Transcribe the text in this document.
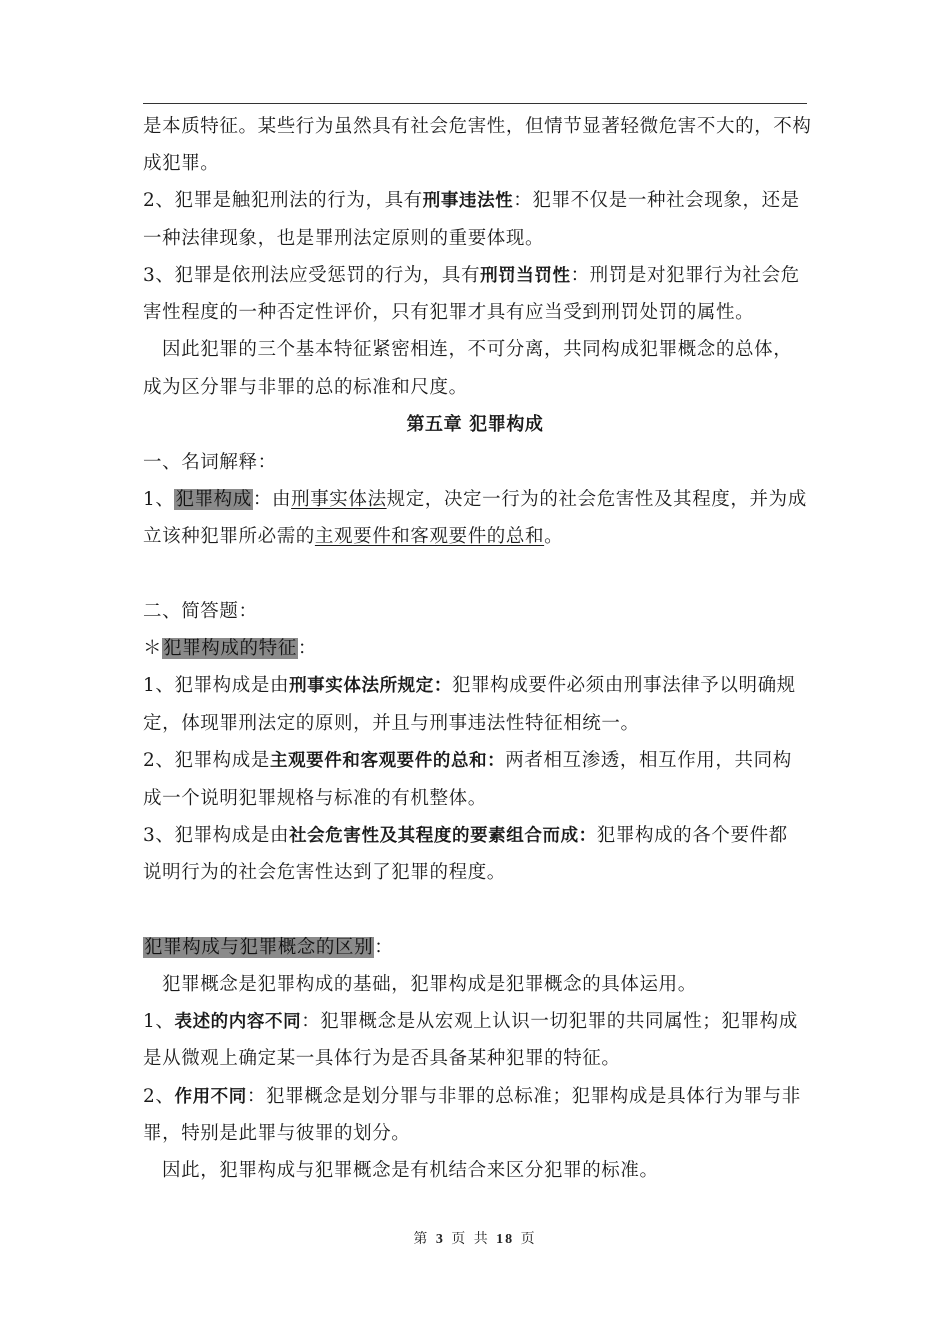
是本质特征。某些行为虽然具有社会危害性，但情节显著轻微危害不大的，不构
成犯罪。
2、犯罪是触犯刑法的行为，具有刑事违法性：犯罪不仅是一种社会现象，还是
一种法律现象，也是罪刑法定原则的重要体现。
3、犯罪是依刑法应受惩罚的行为，具有刑罚当罚性：刑罚是对犯罪行为社会危
害性程度的一种否定性评价，只有犯罪才具有应当受到刑罚处罚的属性。
因此犯罪的三个基本特征紧密相连，不可分离，共同构成犯罪概念的总体，
成为区分罪与非罪的总的标准和尺度。
第五章 犯罪构成
一、名词解释：
1、犯罪构成：由刑事实体法规定，决定一行为的社会危害性及其程度，并为成
立该种犯罪所必需的主观要件和客观要件的总和。
二、简答题：
＊犯罪构成的特征：
1、犯罪构成是由刑事实体法所规定：犯罪构成要件必须由刑事法律予以明确规
定，体现罪刑法定的原则，并且与刑事违法性特征相统一。
2、犯罪构成是主观要件和客观要件的总和：两者相互渗透，相互作用，共同构
成一个说明犯罪规格与标准的有机整体。
3、犯罪构成是由社会危害性及其程度的要素组合而成：犯罪构成的各个要件都
说明行为的社会危害性达到了犯罪的程度。
犯罪构成与犯罪概念的区别：
犯罪概念是犯罪构成的基础，犯罪构成是犯罪概念的具体运用。
1、表述的内容不同：犯罪概念是从宏观上认识一切犯罪的共同属性；犯罪构成
是从微观上确定某一具体行为是否具备某种犯罪的特征。
2、作用不同：犯罪概念是划分罪与非罪的总标准；犯罪构成是具体行为罪与非
罪，特别是此罪与彼罪的划分。
因此，犯罪构成与犯罪概念是有机结合来区分犯罪的标准。
第 3 页 共 18 页
